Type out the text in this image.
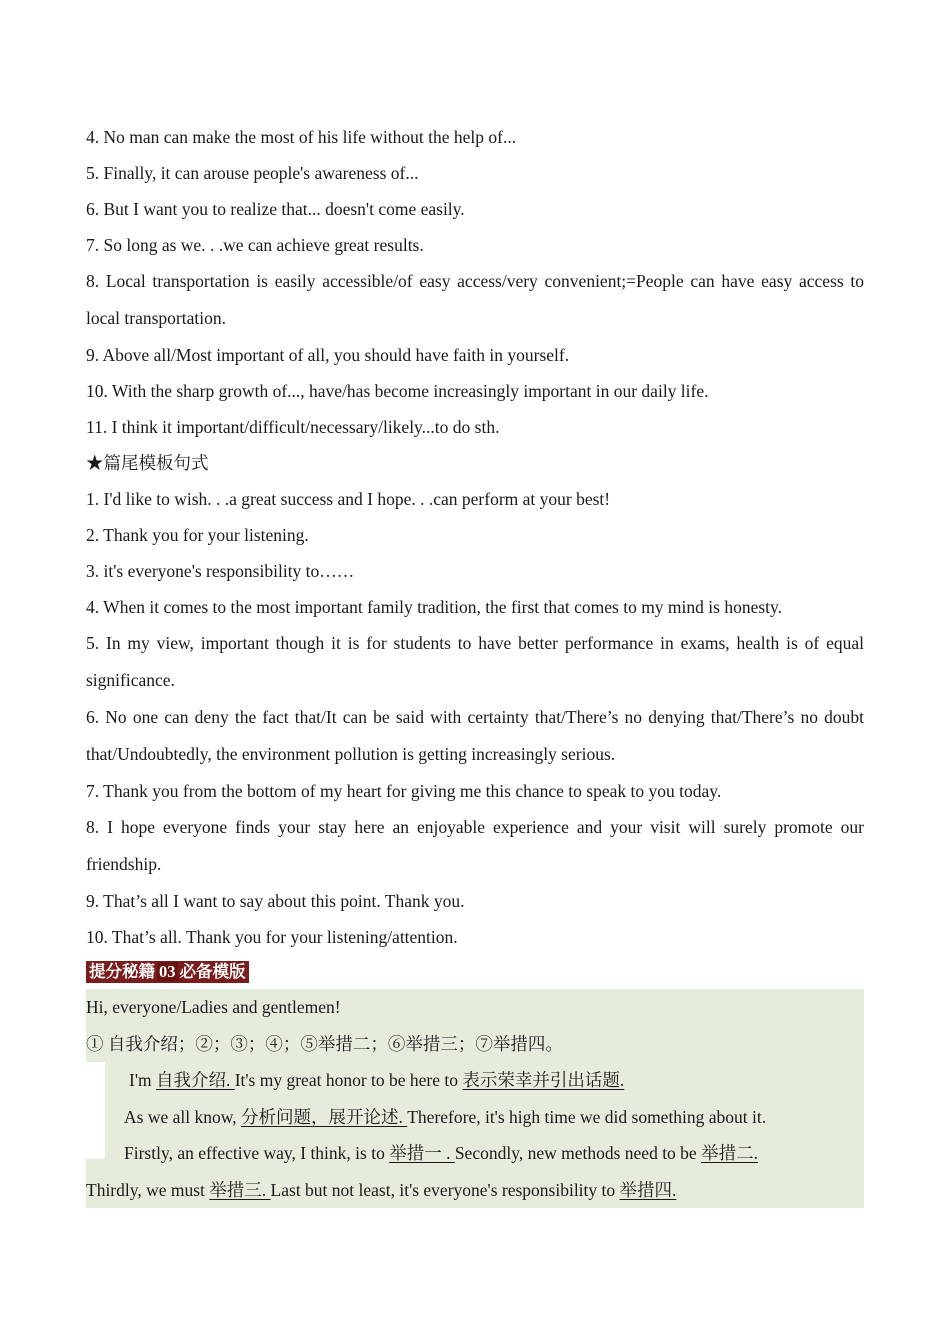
4. No man can make the most of his life without the help of...
5. Finally, it can arouse people's awareness of...
6. But I want you to realize that... doesn't come easily.
7. So long as we. . .we can achieve great results.
8. Local transportation is easily accessible/of easy access/very convenient;=People can have easy access to local transportation.
9. Above all/Most important of all, you should have faith in yourself.
10. With the sharp growth of..., have/has become increasingly important in our daily life.
11. I think it important/difficult/necessary/likely...to do sth.
★篇尾模板句式
1. I'd like to wish. . .a great success and I hope. . .can perform at your best!
2. Thank you for your listening.
3. it's everyone's responsibility to……
4. When it comes to the most important family tradition, the first that comes to my mind is honesty.
5. In my view, important though it is for students to have better performance in exams, health is of equal significance.
6. No one can deny the fact that/It can be said with certainty that/There’s no denying that/There’s no doubt that/Undoubtedly, the environment pollution is getting increasingly serious.
7. Thank you from the bottom of my heart for giving me this chance to speak to you today.
8. I hope everyone finds your stay here an enjoyable experience and your visit will surely promote our friendship.
9. That’s all I want to say about this point. Thank you.
10. That’s all. Thank you for your listening/attention.
提分秘籍 03 必备模版
Hi, everyone/Ladies and gentlemen!
① 自我介绍；②；③；④；⑤举措二；⑥举措三；⑦举措四。
I'm 自我介绍. It's my great honor to be here to 表示荣幸并引出话题.
As we all know, 分析问题，展开论述. Therefore, it's high time we did something about it.
Firstly, an effective way, I think, is to 举措一 . Secondly, new methods need to be 举措二.
Thirdly, we must 举措三. Last but not least, it's everyone's responsibility to 举措四.
